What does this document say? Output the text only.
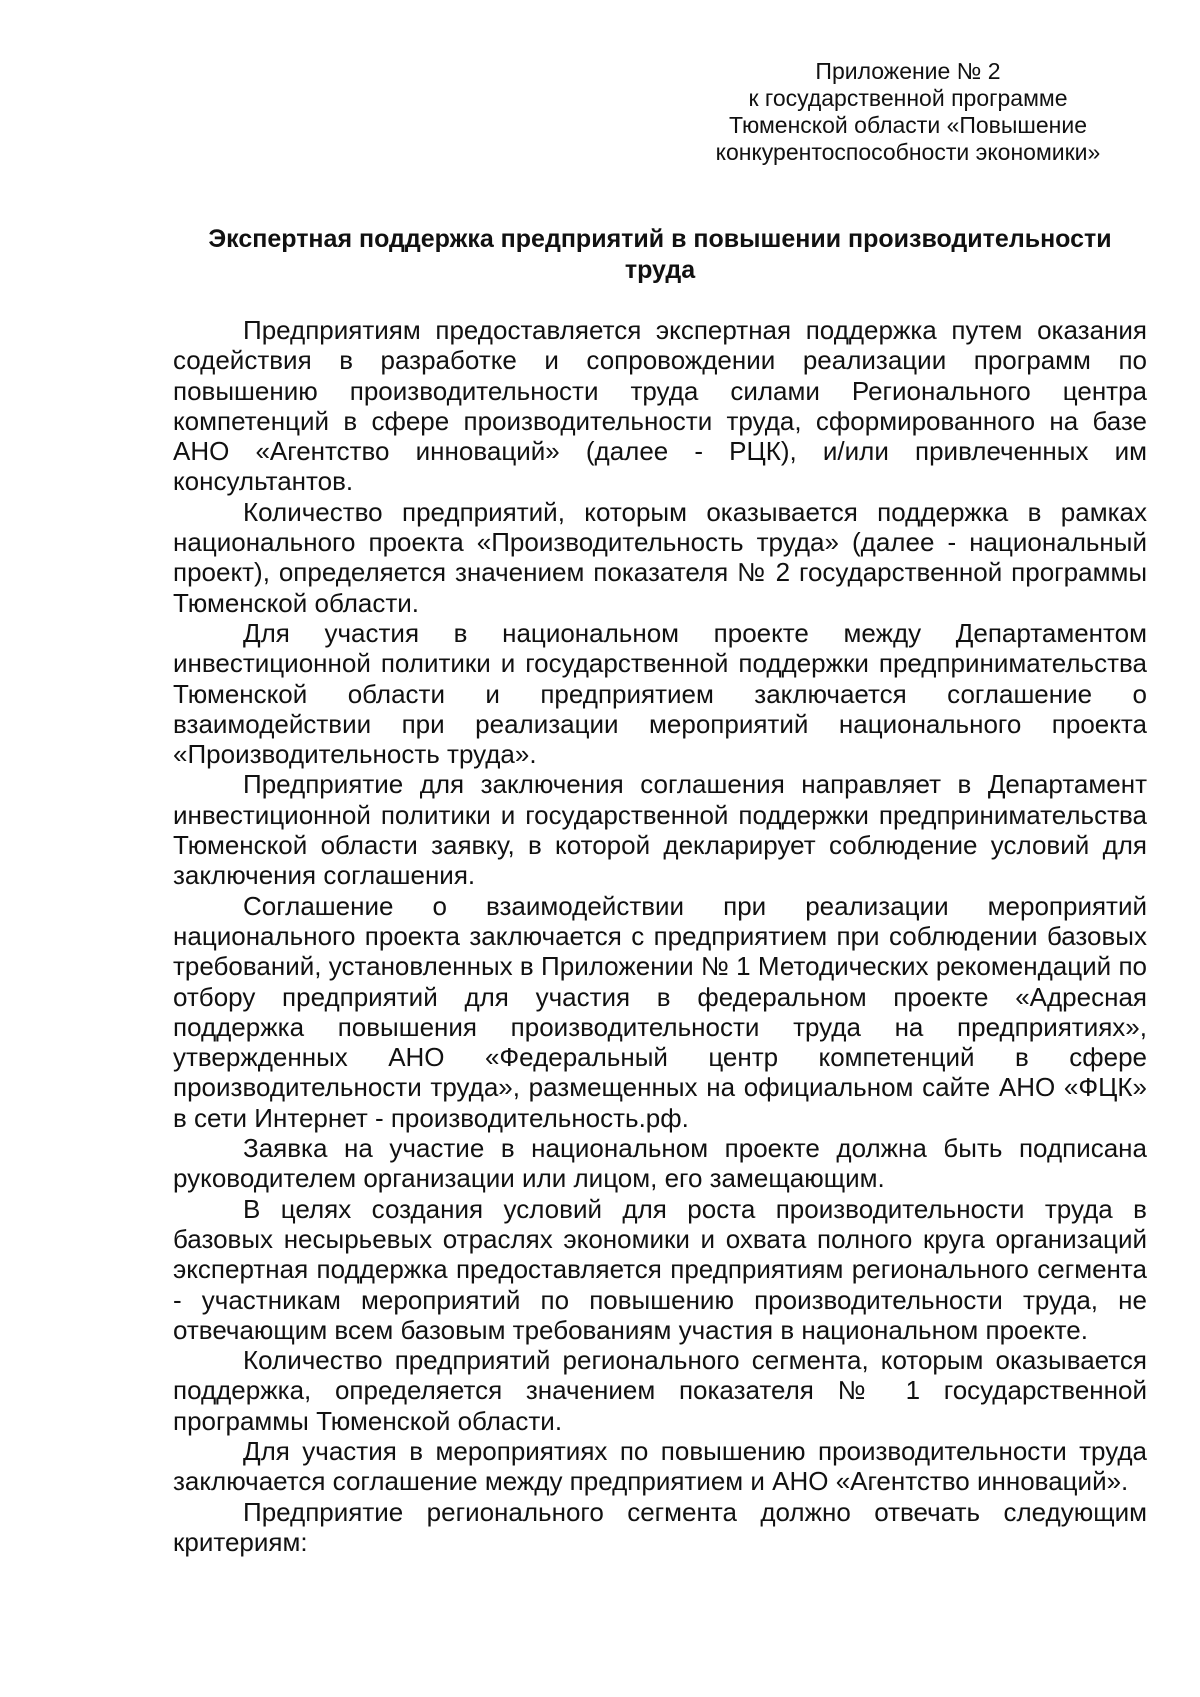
Приложение № 2
к государственной программе
Тюменской области «Повышение
конкурентоспособности экономики»
Экспертная поддержка предприятий в повышении производительности труда

Предприятиям предоставляется экспертная поддержка путем оказания содействия в разработке и сопровождении реализации программ по повышению производительности труда силами Регионального центра компетенций в сфере производительности труда, сформированного на базе АНО «Агентство инноваций» (далее - РЦК), и/или привлеченных им консультантов.

Количество предприятий, которым оказывается поддержка в рамках национального проекта «Производительность труда» (далее - национальный проект), определяется значением показателя № 2 государственной программы Тюменской области.

Для участия в национальном проекте между Департаментом инвестиционной политики и государственной поддержки предпринимательства Тюменской области и предприятием заключается соглашение о взаимодействии при реализации мероприятий национального проекта «Производительность труда».

Предприятие для заключения соглашения направляет в Департамент инвестиционной политики и государственной поддержки предпринимательства Тюменской области заявку, в которой декларирует соблюдение условий для заключения соглашения.

Соглашение о взаимодействии при реализации мероприятий национального проекта заключается с предприятием при соблюдении базовых требований, установленных в Приложении № 1 Методических рекомендаций по отбору предприятий для участия в федеральном проекте «Адресная поддержка повышения производительности труда на предприятиях», утвержденных АНО «Федеральный центр компетенций в сфере производительности труда», размещенных на официальном сайте АНО «ФЦК» в сети Интернет - производительность.рф.

Заявка на участие в национальном проекте должна быть подписана руководителем организации или лицом, его замещающим.

В целях создания условий для роста производительности труда в базовых несырьевых отраслях экономики и охвата полного круга организаций экспертная поддержка предоставляется предприятиям регионального сегмента - участникам мероприятий по повышению производительности труда, не отвечающим всем базовым требованиям участия в национальном проекте.

Количество предприятий регионального сегмента, которым оказывается поддержка, определяется значением показателя № 1 государственной программы Тюменской области.

Для участия в мероприятиях по повышению производительности труда заключается соглашение между предприятием и АНО «Агентство инноваций».

Предприятие регионального сегмента должно отвечать следующим критериям:
